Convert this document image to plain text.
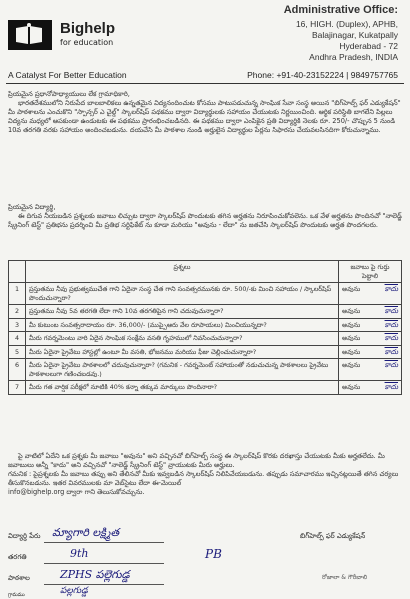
Bighelp
for education
A Catalyst For Better Education
Administrative Office:
16, HIGH. (Duplex), APHB,
Balajinagar, Kukatpally
Hyderabad - 72
Andhra Pradesh, INDIA
Phone: +91-40-23152224 | 9849757765

ప్రియమైన ప్రధానోపాధ్యాయులు లేక గ్రామాధికారి,

భారతదేశములోని నిరుపేద బాలబాలికలు ఉన్నతమైన విద్యనందించుట కోసము పాటుపడుచున్న సాంఘిక సేవా సంస్థ అయిన "బిగ్‌హెల్ప్ ఫర్ ఎడ్యుకేషన్" మీ పాఠశాలను ఎంచుకొని "స్పాన్సర్ ఎ చైల్డ్" స్కాలర్‌షిప్ పథకము ద్వారా విద్యార్థులకు సహాయం చేయుటకు నిర్ణయించింది. ఆర్థిక పరిస్థితి బాగలేని పిల్లలు విద్యను మధ్యలో ఆపకుండా ఉండుటకు ఈ పథకము ప్రారంభించబడినది. ఈ పథకము ద్వారా ఎంపికైన ప్రతి విద్యార్థికి నెలకు రూ. 250/- చొప్పున 5 నుండి 10వ తరగతి వరకు సహాయం అందించబడును. దయచేసి మీ పాఠశాల నుండి అర్హులైన విద్యార్థుల పేర్లను సిఫారసు చేయవలసినదిగా కోరుచున్నాము.

ప్రియమైన విద్యార్థి,

ఈ దిగువ నీయబడిన ప్రశ్నలకు జవాబు లిచ్చుట ద్వారా స్కాలర్‌షిప్ పొందుటకు తగిన అర్హతను నిరూపించుకోవలెను. ఒక వేళ అర్హతను పొందినచో "నాలెడ్జ్ స్క్రీనింగ్ టెస్ట్" ప్రతిభను ప్రదర్శించి మీ ప్రతిభ సర్టిఫికేట్ ను కూడా మరియు "అవును - లేదా" ను జతచేసి స్కాలర్‌షిప్ పొందుటకు అర్హత పొందగలరు.

	ప్రశ్నలు	జవాబు పై గుర్తు పెట్టాలి
1	ప్రస్తుతము నీవు ప్రభుత్వముచేత గాని ఏదైనా సంస్థ చేత గాని సంవత్సరమునకు రూ. 500/-కు మించి సహాయం / స్కాలర్‌షిప్ పొందుచున్నారా?	అవును కాదు

2	ప్రస్తుతము నీవు 5వ తరగతి లేదా గాని 10వ తరగతిపైన గాని చదువుచున్నారా?	అవును కాదు

3	మీ కుటుంబ సంవత్సరాదాయం రూ. 36,000/- (ముప్పైఆరు వేల రూపాయలు) మించియున్నదా?	అవును కాదు

4	మీరు గవర్నమెంటు వారి ఏదైన సాంఘిక సంక్షేమ వసతి గృహములో నివసించుచున్నారా?	అవును కాదు

5	మీరు ఏదైనా ప్రైవేటు హాస్టల్లో ఉంటూ మీ వసతి, భోజనము మరియు ఫీజు చెల్లించుచున్నారా?	అవును కాదు

6	మీరు ఏదైనా ప్రైవేటు పాఠశాలలో చదువుచున్నారా? (గమనిక - గవర్నమెంట్ సహాయంతో నడుచుచున్న పాఠశాలలు ప్రైవేటు పాఠశాలలుగా గణించబడవు.)	అవును కాదు

7	మీరు గత వార్షిక పరీక్షలో నూటికి 40% కన్నా తక్కువ మార్కులు పొందినారా?	అవును కాదు

పై వాటిలో ఏదేని ఒక ప్రశ్నకు మీ జవాబు "అవును" అని వచ్చినచో బిగ్‌హెల్ప్ సంస్థ ఈ స్కాలర్‌షిప్ కొరకు దరఖాస్తు చేయుటకు మీకు అర్హతలేదు. మీ జవాబులు అన్నీ "కాదు" అని వచ్చినచో "నాలెడ్జ్ స్క్రీనింగ్ టెస్ట్" వ్రాయుటకు మీరు అర్హులు.

గమనిక : పైప్రశ్నలకు మీ జవాబు తప్పు అని తేలినచో మీకు ఇవ్వబడిన స్కాలర్‌షిప్ నిలిపివేయబడును. తప్పుడు సమాచారము ఇచ్చినట్లయితే తగిన చర్యలు తీసుకొనబడును. ఇతర వివరములకు మా వెబ్‌సైటు లేదా ఈ-మెయిల్

info@bighelp.org ద్వారా గాని తెలుసుకోవచ్చును.

విద్యార్థి పేరు మ్యాగారి లక్ష్మిత	బిగ్‌హెల్ప్ ఫర్ ఎడ్యుకేషన్
తరగతి	9th	PB
పాఠశాల	ZPHS పల్లెగుడ్డ	రోజాలా & గౌరీబాలి
గ్రామము	పల్లగుడ్డ
